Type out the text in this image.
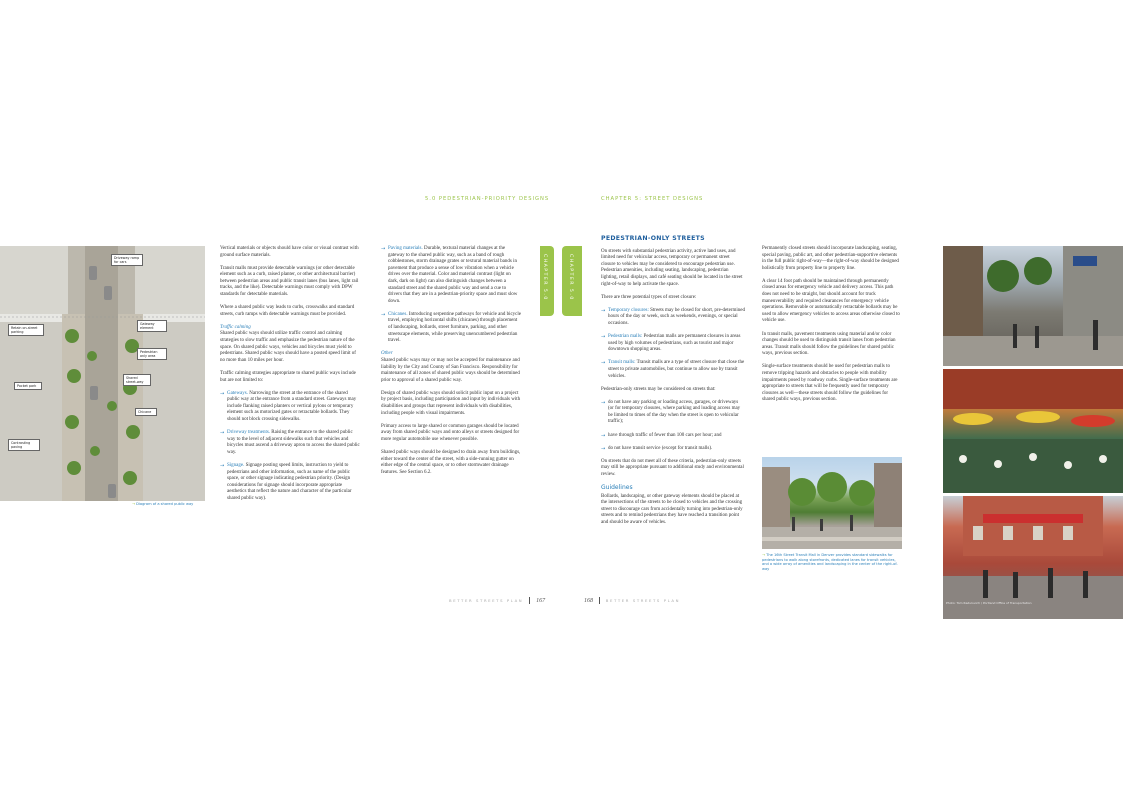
5.0 PEDESTRIAN-PRIORITY DESIGNS	CHAPTER 5: STREET DESIGNS
CHAPTER 5.0	CHAPTER 5.0
Driveway ramp for cars
Retain on-street parking
Gateway element
Pedestrian only area
Pocket park
Shared street-way
Chicane
Contrasting paving
→ Diagram of a shared public way

Vertical materials or objects should have color or visual contrast with ground surface materials.

Transit malls must provide detectable warnings (or other detectable element such as a curb, raised planter, or other architectural barrier) between pedestrian areas and public transit lanes (bus lanes, light rail tracks, and the like). Detectable warnings must comply with DPW standards for detectable materials.

Where a shared public way leads to curbs, crosswalks and standard streets, curb ramps with detectable warnings must be provided.

Traffic calming

Shared public ways should utilize traffic control and calming strategies to slow traffic and emphasize the pedestrian nature of the space. On shared public ways, vehicles and bicycles must yield to pedestrians. Shared public ways should have a posted speed limit of no more than 10 miles per hour.

Traffic calming strategies appropriate to shared public ways include but are not limited to:

→ Gateways. Narrowing the street at the entrance of the shared public way at the entrance from a standard street. Gateways may include flanking raised planters or vertical pylons or temporary element such as motorized gates or retractable bollards. They should not block crossing sidewalks.
→ Driveway treatments. Raising the entrance to the shared public way to the level of adjacent sidewalks such that vehicles and bicycles must ascend a driveway apron to access the shared public way.
→ Signage. Signage posting speed limits, instruction to yield to pedestrians and other information, such as name of the public space, or other signage indicating pedestrian priority. (Design considerations for signage should incorporate appropriate aesthetics that reflect the nature and character of the particular shared public way).
→ Paving materials. Durable, textural material changes at the gateway to the shared public way, such as a band of rough cobblestones, storm drainage grates or textural material bands in pavement that produce a sense of low vibration when a vehicle drives over the material. Color and material contrast (light on dark, dark on light) can also distinguish changes between a standard street and the shared public way and send a cue to drivers that they are in a pedestrian-priority space and must slow down.
→ Chicanes. Introducing serpentine pathways for vehicle and bicycle travel, employing horizontal shifts (chicanes) through placement of landscaping, bollards, street furniture, parking, and other streetscape elements, while preserving unencumbered pedestrian travel.

Other

Shared public ways may or may not be accepted for maintenance and liability by the City and County of San Francisco. Responsibility for maintenance of all zones of shared public ways should be determined prior to approval of a shared public way.

Design of shared public ways should solicit public input on a project by project basis, including participation and input by individuals with disabilities and groups that represent individuals with disabilities, including people with visual impairments.

Primary access to large shared or common garages should be located away from shared public ways and onto alleys or streets designed for more regular automobile use whenever possible.

Shared public ways should be designed to drain away from buildings, either toward the center of the street, with a side-running gutter on either edge of the central space, or to other stormwater drainage features. See Section 6.2.

PEDESTRIAN-ONLY STREETS

On streets with substantial pedestrian activity, active land uses, and limited need for vehicular access, temporary or permanent street closure to vehicles may be considered to encourage pedestrian use. Pedestrian amenities, including seating, landscaping, pedestrian lighting, retail displays, and café seating should be located in the street right-of-way to help activate the space.

There are three potential types of street closure:

→ Temporary closures: Streets may be closed for short, pre-determined hours of the day or week, such as weekends, evenings, or special occasions.
→ Pedestrian malls: Pedestrian malls are permanent closures in areas used by high volumes of pedestrians, such as tourist and major downtown shopping areas.
→ Transit malls: Transit malls are a type of street closure that close the street to private automobiles, but continue to allow use by transit vehicles.

Pedestrian-only streets may be considered on streets that:

→ do not have any parking or loading access, garages, or driveways (or for temporary closures, where parking and loading access may be limited to times of the day when the street is open to vehicular traffic);
→ have through traffic of fewer than 100 cars per hour; and
→ do not have transit service (except for transit malls).

On streets that do not meet all of these criteria, pedestrian-only streets may still be appropriate pursuant to additional study and environmental review.

Guidelines

Bollards, landscaping, or other gateway elements should be placed at the intersections of the streets to be closed to vehicles and the crossing street to discourage cars from accidentally turning into pedestrian-only streets and to remind pedestrians they have reached a transition point and should be aware of vehicles.

Permanently closed streets should incorporate landscaping, seating, special paving, public art, and other pedestrian-supportive elements in the full public right-of-way—the right-of-way should be designed holistically from property line to property line.

A clear 14 foot path should be maintained through permanently closed areas for emergency vehicle and delivery access. This path does not need to be straight, but should account for truck maneuverability and required clearances for emergency vehicle operations. Removable or automatically retractable bollards may be used to allow emergency vehicles to access areas otherwise closed to vehicle use.

In transit malls, pavement treatments using material and/or color changes should be used to distinguish transit lanes from pedestrian areas. Transit malls should follow the guidelines for shared public ways, previous section.

Single-surface treatments should be used for pedestrian malls to remove tripping hazards and obstacles to people with mobility impairments posed by roadway curbs. Single-surface treatments are appropriate to streets that will be frequently used for temporary closures as well—these streets should follow the guidelines for shared public ways, previous section.

→ The 16th Street Transit Mall in Denver provides standard sidewalks for pedestrians to walk along storefronts, dedicated lanes for transit vehicles, and a wide array of amenities and landscaping in the center of the right-of-way
Photo: Tom Radulovich / Portland Office of Transportation
BETTER STREETS PLAN 167	168	BETTER STREETS PLAN
